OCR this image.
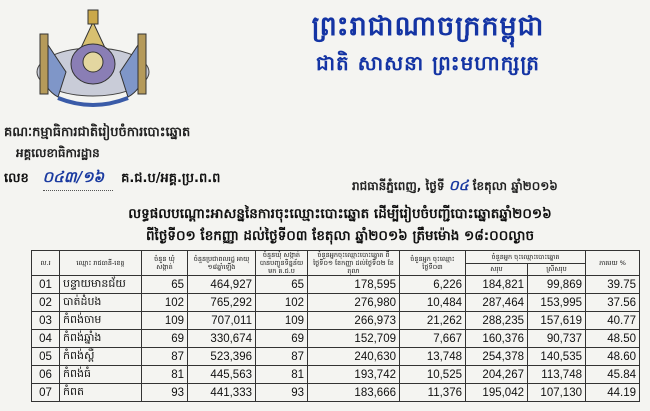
ព្រះរាជាណាចក្រកម្ពុជា
ជាតិ សាសនា ព្រះមហាក្សត្រ
គណៈកម្មាធិការជាតិរៀបចំការបោះឆ្នោត
អគ្គលេខាធិការដ្ឋាន
លេខ ០៤៣/១៦ គ.ជ.ប/អគ្គ.ប្រ.ព.ព	រាជធានីភ្នំពេញ, ថ្ងៃទី ០៤ ខែតុលា ឆ្នាំ២០១៦
លទ្ធផលបណ្ដោះអាសន្ននៃការចុះឈ្មោះបោះឆ្នោត ដើម្បីរៀបចំបញ្ជីបោះឆ្នោតឆ្នាំ២០១៦
ពីថ្ងៃទី០១ ខែកញ្ញា ដល់ថ្ងៃទី០៣ ខែតុលា ឆ្នាំ២០១៦ ត្រឹមម៉ោង ១៨:០០ល្ងាច
ល.រ	ឈ្មោះ រាជធានី-ខេត្ត	ចំនួន ឃុំ សង្កាត់	ចំនួនប្រជាពលរដ្ឋ អាយុ ១៨ឆ្នាំឡើង	ចំនួនឃុំ សង្កាត់ បានបញ្ជូនទិន្នន័យ មក គ.ជ.ប	ចំនួនអ្នកចុះឈ្មោះបោះឆ្នោត ពីថ្ងៃទី០១ ខែកញ្ញា ដល់ថ្ងៃទី០២ ខែតុលា	ចំនួនអ្នក ចុះឈ្មោះថ្ងៃទី០៣	ចំនួនអ្នក ចុះឈ្មោះបោះឆ្នោត		ភាគរយ %
							សរុប	ស្រីសរុប	
01	បន្ទាយមានជ័យ	65	464,927	65	178,595	6,226	184,821	99,869	39.75
02	បាត់ដំបង	102	765,292	102	276,980	10,484	287,464	153,995	37.56
03	កំពង់ចាម	109	707,011	109	266,973	21,262	288,235	157,619	40.77
04	កំពង់ឆ្នាំង	69	330,674	69	152,709	7,667	160,376	90,737	48.50
05	កំពង់ស្ពឺ	87	523,396	87	240,630	13,748	254,378	140,535	48.60
06	កំពង់ធំ	81	445,563	81	193,742	10,525	204,267	113,748	45.84
07	កំពត	93	441,333	93	183,666	11,376	195,042	107,130	44.19
